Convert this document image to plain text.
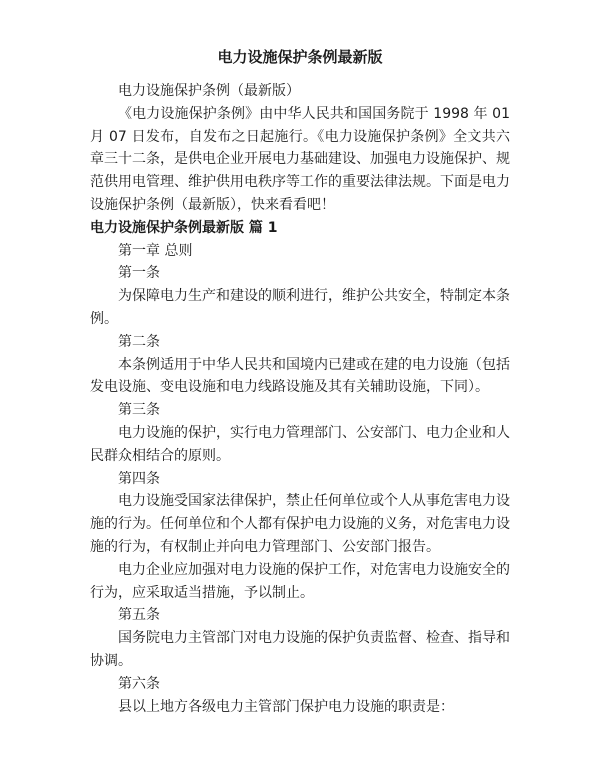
电力设施保护条例最新版

电力设施保护条例（最新版）

《电力设施保护条例》由中华人民共和国国务院于 1998 年 01 月 07 日发布，自发布之日起施行。《电力设施保护条例》全文共六章三十二条，是供电企业开展电力基础建设、加强电力设施保护、规范供用电管理、维护供用电秩序等工作的重要法律法规。下面是电力设施保护条例（最新版），快来看看吧！

电力设施保护条例最新版 篇 1

第一章 总则

第一条

为保障电力生产和建设的顺利进行，维护公共安全，特制定本条例。

第二条

本条例适用于中华人民共和国境内已建或在建的电力设施（包括发电设施、变电设施和电力线路设施及其有关辅助设施，下同）。

第三条

电力设施的保护，实行电力管理部门、公安部门、电力企业和人民群众相结合的原则。

第四条

电力设施受国家法律保护，禁止任何单位或个人从事危害电力设施的行为。任何单位和个人都有保护电力设施的义务，对危害电力设施的行为，有权制止并向电力管理部门、公安部门报告。

电力企业应加强对电力设施的保护工作，对危害电力设施安全的行为，应采取适当措施，予以制止。

第五条

国务院电力主管部门对电力设施的保护负责监督、检查、指导和协调。

第六条

县以上地方各级电力主管部门保护电力设施的职责是：
